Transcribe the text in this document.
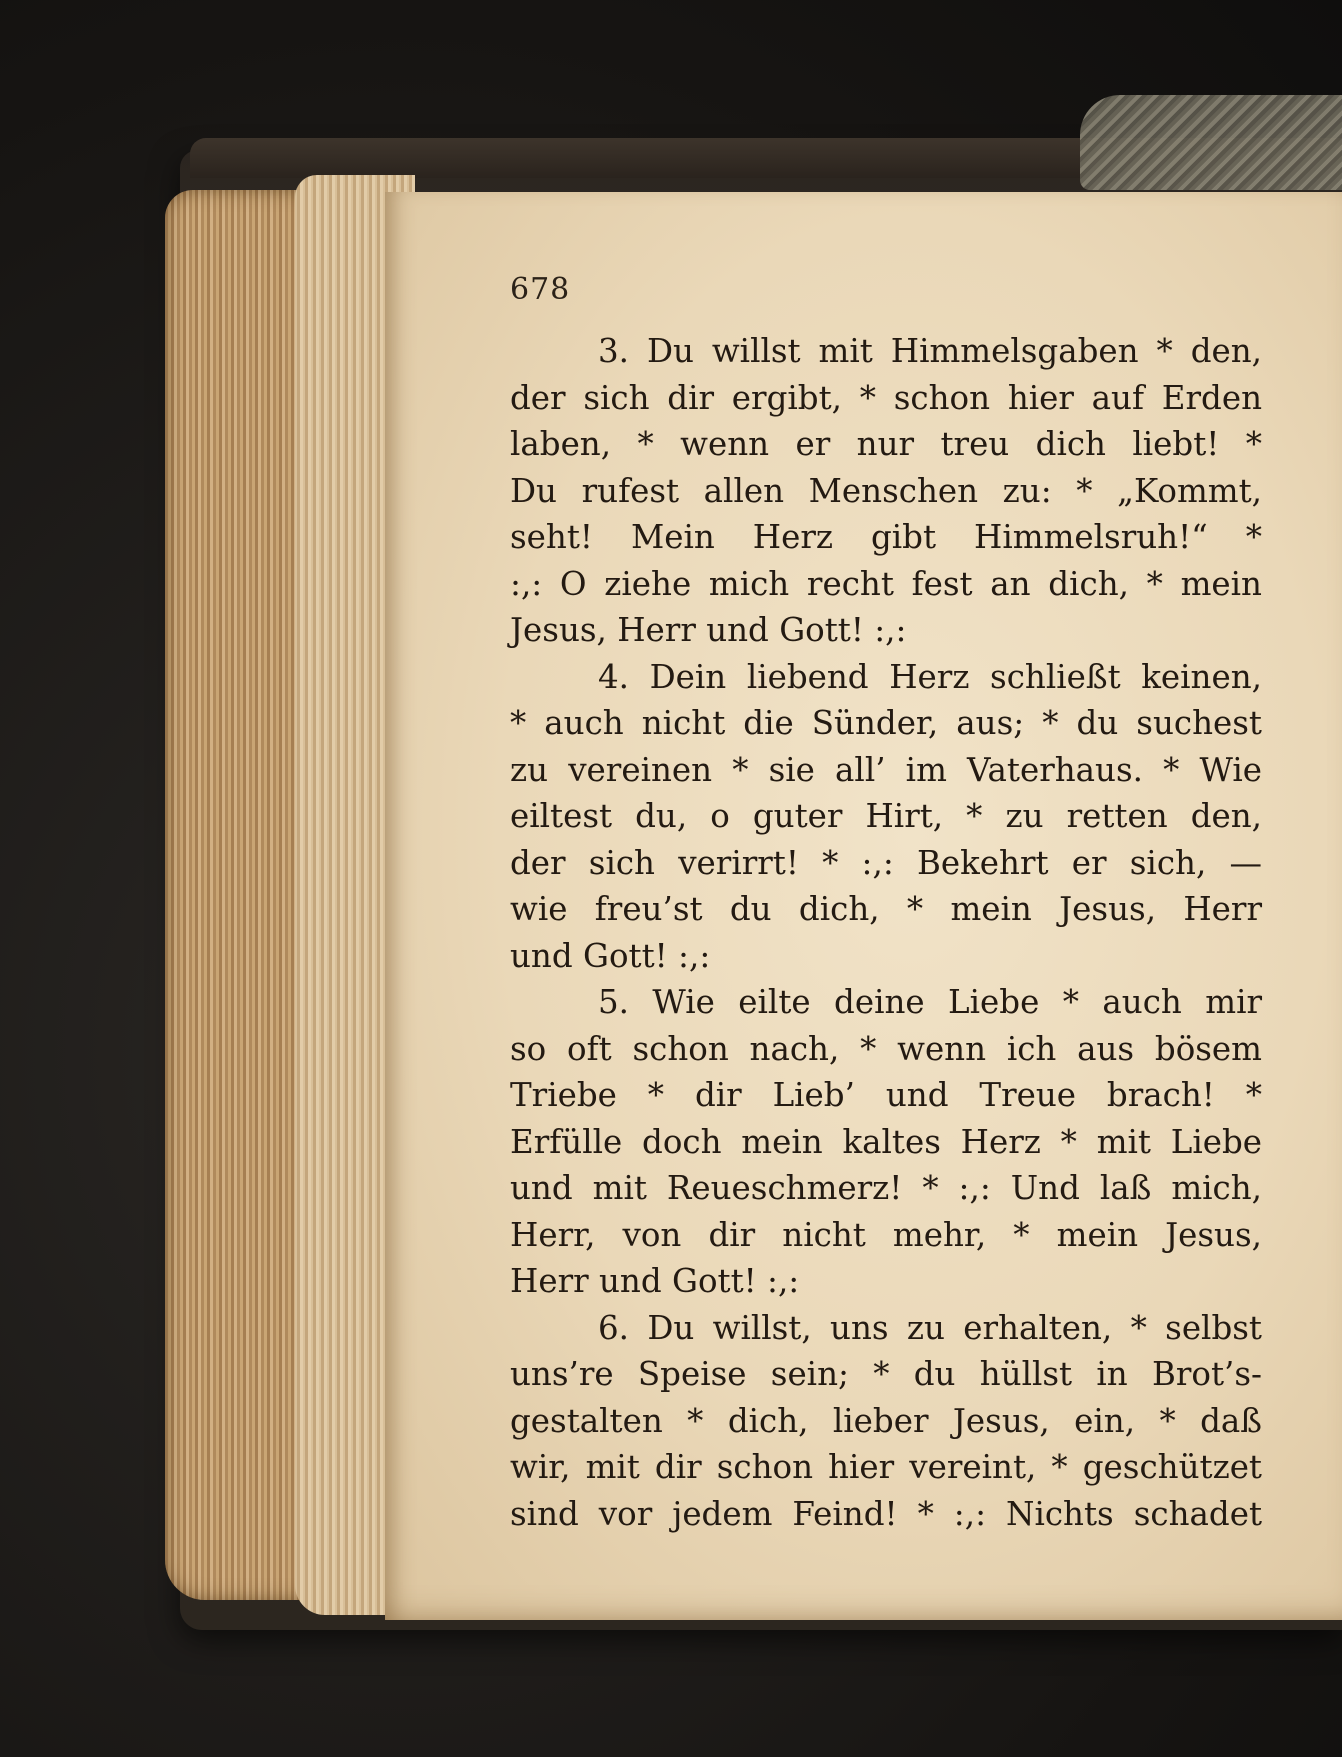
678
3. Du willst mit Himmelsgaben * den,
der sich dir ergibt, * schon hier auf Erden
laben, * wenn er nur treu dich liebt! *
Du rufest allen Menschen zu: * „Kommt,
seht! Mein Herz gibt Himmelsruh!“ *
:,: O ziehe mich recht fest an dich, * mein
Jesus, Herr und Gott! :,:
4. Dein liebend Herz schließt keinen,
* auch nicht die Sünder, aus; * du suchest
zu vereinen * sie all’ im Vaterhaus. * Wie
eiltest du, o guter Hirt, * zu retten den,
der sich verirrt! * :,: Bekehrt er sich, —
wie freu’st du dich, * mein Jesus, Herr
und Gott! :,:
5. Wie eilte deine Liebe * auch mir
so oft schon nach, * wenn ich aus bösem
Triebe * dir Lieb’ und Treue brach! *
Erfülle doch mein kaltes Herz * mit Liebe
und mit Reueschmerz! * :,: Und laß mich,
Herr, von dir nicht mehr, * mein Jesus,
Herr und Gott! :,:
6. Du willst, uns zu erhalten, * selbst
uns’re Speise sein; * du hüllst in Brot’s-
gestalten * dich, lieber Jesus, ein, * daß
wir, mit dir schon hier vereint, * geschützet
sind vor jedem Feind! * :,: Nichts schadet
